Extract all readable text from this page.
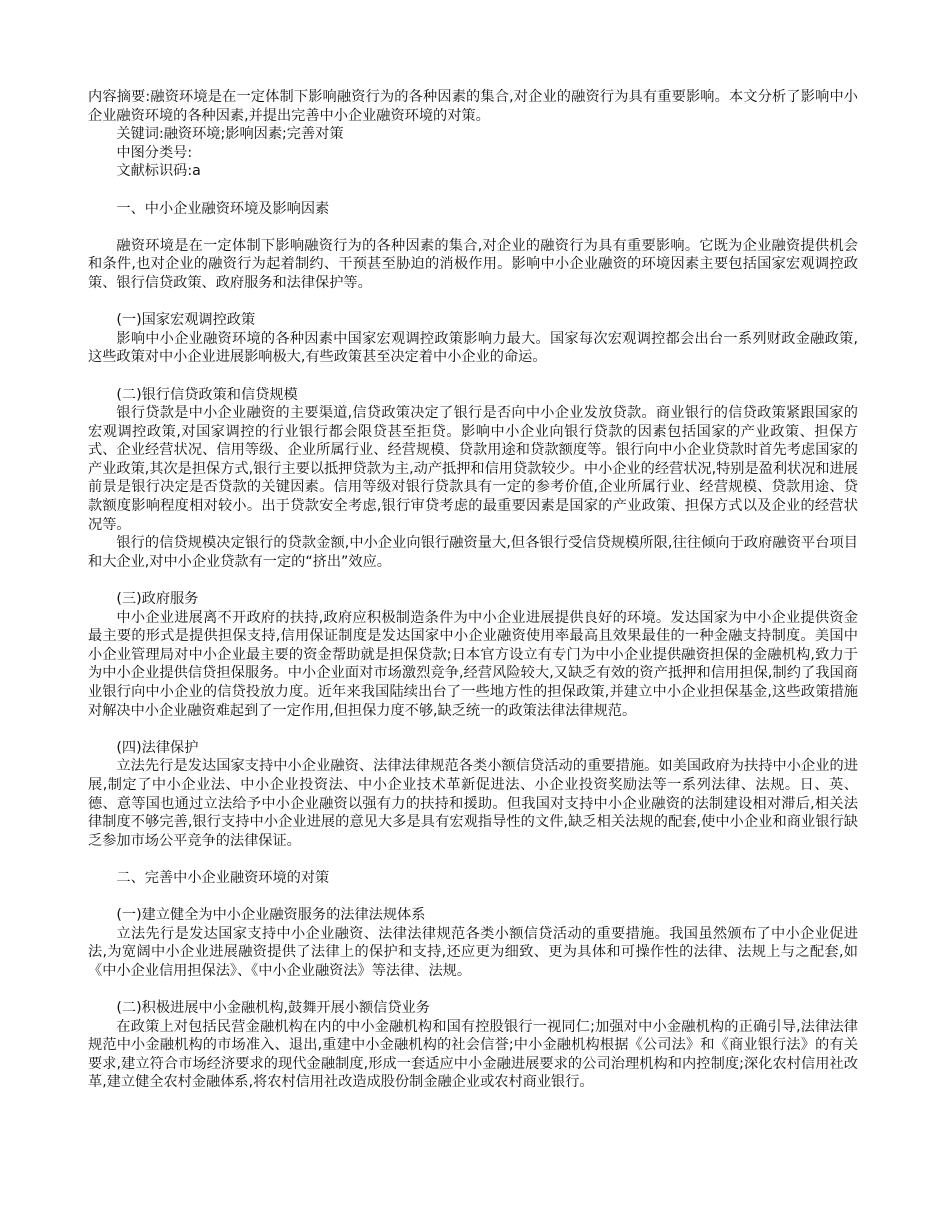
内容摘要:融资环境是在一定体制下影响融资行为的各种因素的集合,对企业的融资行为具有重要影响。本文分析了影响中小企业融资环境的各种因素,并提出完善中小企业融资环境的对策。

关键词:融资环境;影响因素;完善对策

中图分类号:

文献标识码:a

一、中小企业融资环境及影响因素

融资环境是在一定体制下影响融资行为的各种因素的集合,对企业的融资行为具有重要影响。它既为企业融资提供机会和条件,也对企业的融资行为起着制约、干预甚至胁迫的消极作用。影响中小企业融资的环境因素主要包括国家宏观调控政策、银行信贷政策、政府服务和法律保护等。

(一)国家宏观调控政策

影响中小企业融资环境的各种因素中国家宏观调控政策影响力最大。国家每次宏观调控都会出台一系列财政金融政策,这些政策对中小企业进展影响极大,有些政策甚至决定着中小企业的命运。

(二)银行信贷政策和信贷规模

银行贷款是中小企业融资的主要渠道,信贷政策决定了银行是否向中小企业发放贷款。商业银行的信贷政策紧跟国家的宏观调控政策,对国家调控的行业银行都会限贷甚至拒贷。影响中小企业向银行贷款的因素包括国家的产业政策、担保方式、企业经营状况、信用等级、企业所属行业、经营规模、贷款用途和贷款额度等。银行向中小企业贷款时首先考虑国家的产业政策,其次是担保方式,银行主要以抵押贷款为主,动产抵押和信用贷款较少。中小企业的经营状况,特别是盈利状况和进展前景是银行决定是否贷款的关键因素。信用等级对银行贷款具有一定的参考价值,企业所属行业、经营规模、贷款用途、贷款额度影响程度相对较小。出于贷款安全考虑,银行审贷考虑的最重要因素是国家的产业政策、担保方式以及企业的经营状况等。

银行的信贷规模决定银行的贷款金额,中小企业向银行融资量大,但各银行受信贷规模所限,往往倾向于政府融资平台项目和大企业,对中小企业贷款有一定的“挤出”效应。

(三)政府服务

中小企业进展离不开政府的扶持,政府应积极制造条件为中小企业进展提供良好的环境。发达国家为中小企业提供资金最主要的形式是提供担保支持,信用保证制度是发达国家中小企业融资使用率最高且效果最佳的一种金融支持制度。美国中小企业管理局对中小企业最主要的资金帮助就是担保贷款;日本官方设立有专门为中小企业提供融资担保的金融机构,致力于为中小企业提供信贷担保服务。中小企业面对市场激烈竞争,经营风险较大,又缺乏有效的资产抵押和信用担保,制约了我国商业银行向中小企业的信贷投放力度。近年来我国陆续出台了一些地方性的担保政策,并建立中小企业担保基金,这些政策措施对解决中小企业融资难起到了一定作用,但担保力度不够,缺乏统一的政策法律法律规范。

(四)法律保护

立法先行是发达国家支持中小企业融资、法律法律规范各类小额信贷活动的重要措施。如美国政府为扶持中小企业的进展,制定了中小企业法、中小企业投资法、中小企业技术革新促进法、小企业投资奖励法等一系列法律、法规。日、英、德、意等国也通过立法给予中小企业融资以强有力的扶持和援助。但我国对支持中小企业融资的法制建设相对滞后,相关法律制度不够完善,银行支持中小企业进展的意见大多是具有宏观指导性的文件,缺乏相关法规的配套,使中小企业和商业银行缺乏参加市场公平竞争的法律保证。

二、完善中小企业融资环境的对策

(一)建立健全为中小企业融资服务的法律法规体系

立法先行是发达国家支持中小企业融资、法律法律规范各类小额信贷活动的重要措施。我国虽然颁布了中小企业促进法,为宽阔中小企业进展融资提供了法律上的保护和支持,还应更为细致、更为具体和可操作性的法律、法规上与之配套,如《中小企业信用担保法》、《中小企业融资法》等法律、法规。

(二)积极进展中小金融机构,鼓舞开展小额信贷业务

在政策上对包括民营金融机构在内的中小金融机构和国有控股银行一视同仁;加强对中小金融机构的正确引导,法律法律规范中小金融机构的市场准入、退出,重建中小金融机构的社会信誉;中小金融机构根据《公司法》和《商业银行法》的有关要求,建立符合市场经济要求的现代金融制度,形成一套适应中小金融进展要求的公司治理机构和内控制度;深化农村信用社改革,建立健全农村金融体系,将农村信用社改造成股份制金融企业或农村商业银行。
